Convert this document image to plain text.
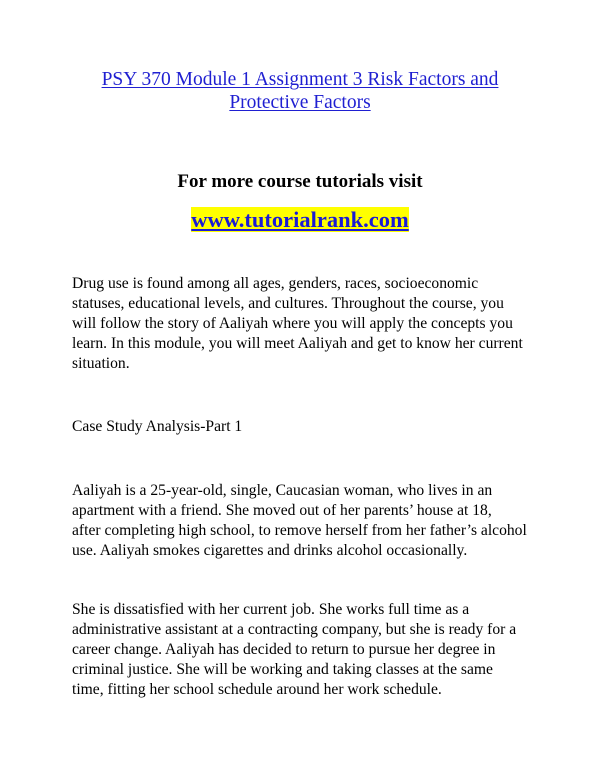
PSY 370 Module 1 Assignment 3 Risk Factors and
Protective Factors
For more course tutorials visit
www.tutorialrank.com
Drug use is found among all ages, genders, races, socioeconomic
statuses, educational levels, and cultures. Throughout the course, you
will follow the story of Aaliyah where you will apply the concepts you
learn. In this module, you will meet Aaliyah and get to know her current
situation.
Case Study Analysis-Part 1
Aaliyah is a 25-year-old, single, Caucasian woman, who lives in an
apartment with a friend. She moved out of her parents’ house at 18,
after completing high school, to remove herself from her father’s alcohol
use. Aaliyah smokes cigarettes and drinks alcohol occasionally.
She is dissatisfied with her current job. She works full time as a
administrative assistant at a contracting company, but she is ready for a
career change. Aaliyah has decided to return to pursue her degree in
criminal justice. She will be working and taking classes at the same
time, fitting her school schedule around her work schedule.
